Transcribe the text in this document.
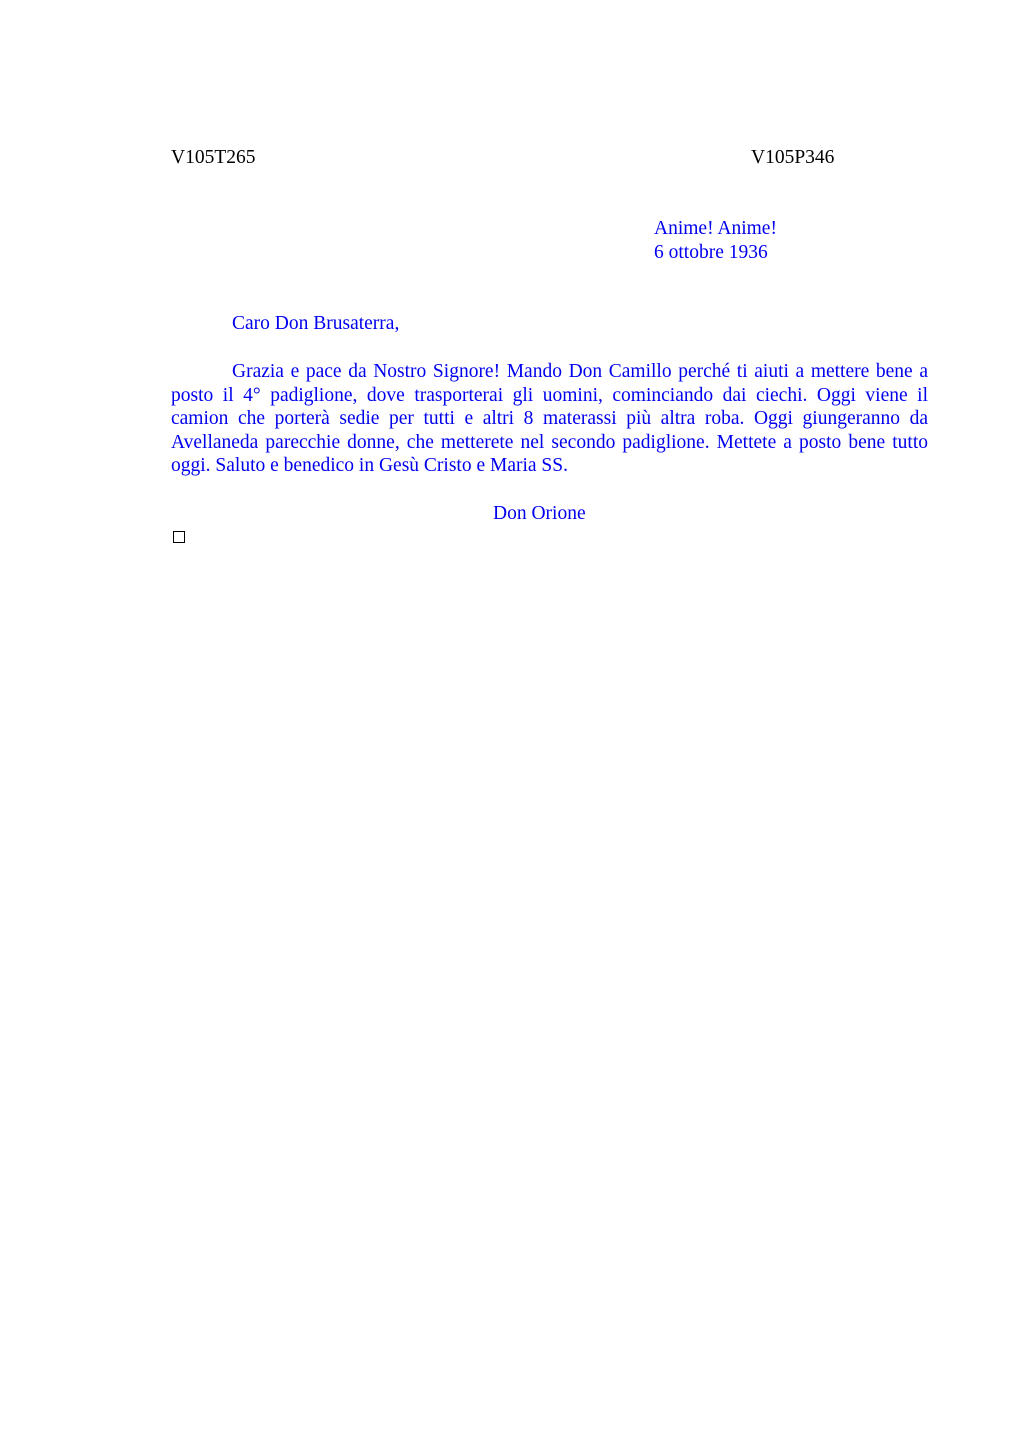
V105T265	V105P346
Anime! Anime!
6 ottobre 1936
Caro Don Brusaterra,

Grazia e pace da Nostro Signore! Mando Don Camillo perché ti aiuti a mettere bene a posto il 4° padiglione, dove trasporterai gli uomini, cominciando dai ciechi. Oggi viene il camion che porterà sedie per tutti e altri 8 materassi più altra roba. Oggi giungeranno da Avellaneda parecchie donne, che metterete nel secondo padiglione. Mettete a posto bene tutto oggi. Saluto e benedico in Gesù Cristo e Maria SS.

Don Orione
